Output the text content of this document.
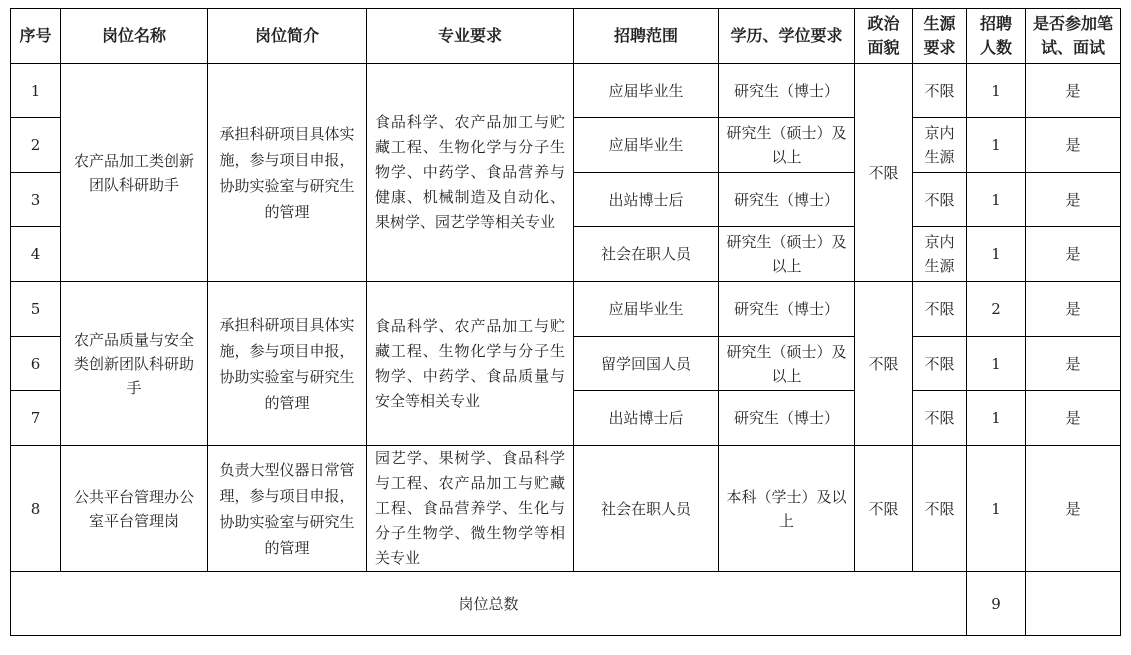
序号	岗位名称	岗位简介	专业要求	招聘范围	学历、学位要求	政治面貌	生源要求	招聘人数	是否参加笔试、面试
1	农产品加工类创新团队科研助手	承担科研项目具体实施，参与项目申报，协助实验室与研究生的管理	食品科学、农产品加工与贮藏工程、生物化学与分子生物学、中药学、食品营养与健康、机械制造及自动化、果树学、园艺学等相关专业	应届毕业生	研究生（博士）	不限	不限	1	是
2				应届毕业生	研究生（硕士）及以上		京内生源	1	是
3				出站博士后	研究生（博士）		不限	1	是
4				社会在职人员	研究生（硕士）及以上		京内生源	1	是
5	农产品质量与安全类创新团队科研助手	承担科研项目具体实施，参与项目申报，协助实验室与研究生的管理	食品科学、农产品加工与贮藏工程、生物化学与分子生物学、中药学、食品质量与安全等相关专业	应届毕业生	研究生（博士）	不限	不限	2	是
6				留学回国人员	研究生（硕士）及以上		不限	1	是
7				出站博士后	研究生（博士）		不限	1	是
8	公共平台管理办公室平台管理岗	负责大型仪器日常管理，参与项目申报，协助实验室与研究生的管理	园艺学、果树学、食品科学与工程、农产品加工与贮藏工程、食品营养学、生化与分子生物学、微生物学等相关专业	社会在职人员	本科（学士）及以上	不限	不限	1	是
岗位总数								9	
